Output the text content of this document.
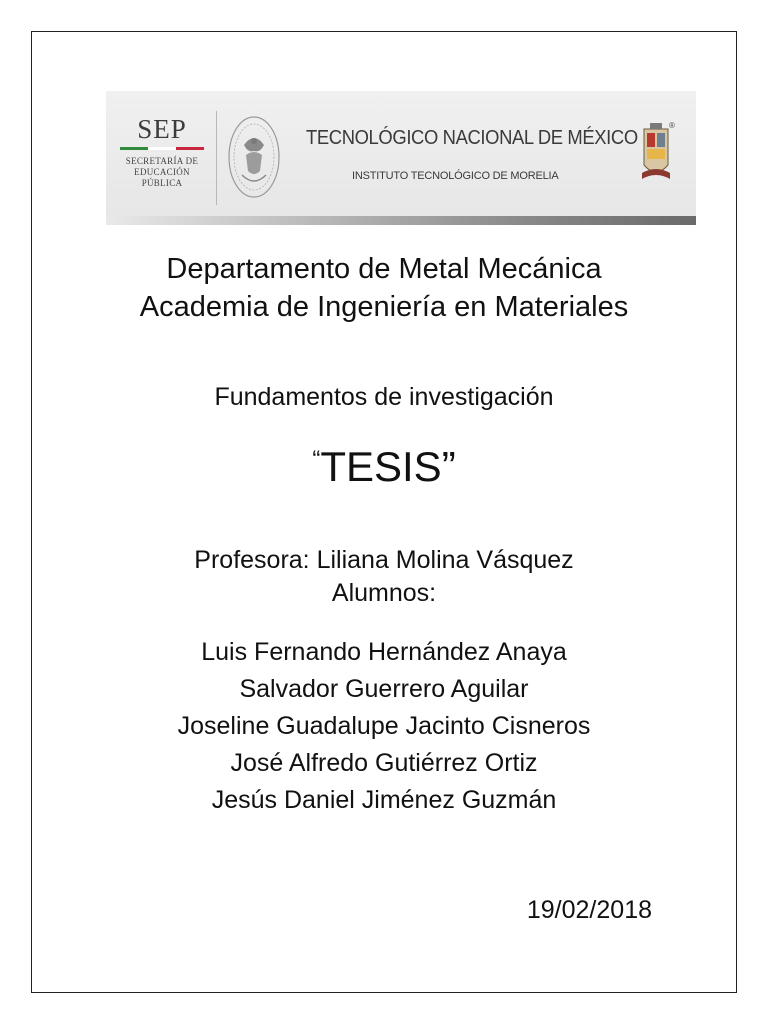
SEP
SECRETARÍA DE
EDUCACIÓN PÚBLICA
TECNOLÓGICO NACIONAL DE MÉXICO
INSTITUTO TECNOLÓGICO DE MORELIA
®
Departamento de Metal Mecánica
Academia de Ingeniería en Materiales
Fundamentos de investigación
“TESIS”
Profesora: Liliana Molina Vásquez
Alumnos:
Luis Fernando Hernández Anaya
Salvador Guerrero Aguilar
Joseline Guadalupe Jacinto Cisneros
José Alfredo Gutiérrez Ortiz
Jesús Daniel Jiménez Guzmán
19/02/2018
